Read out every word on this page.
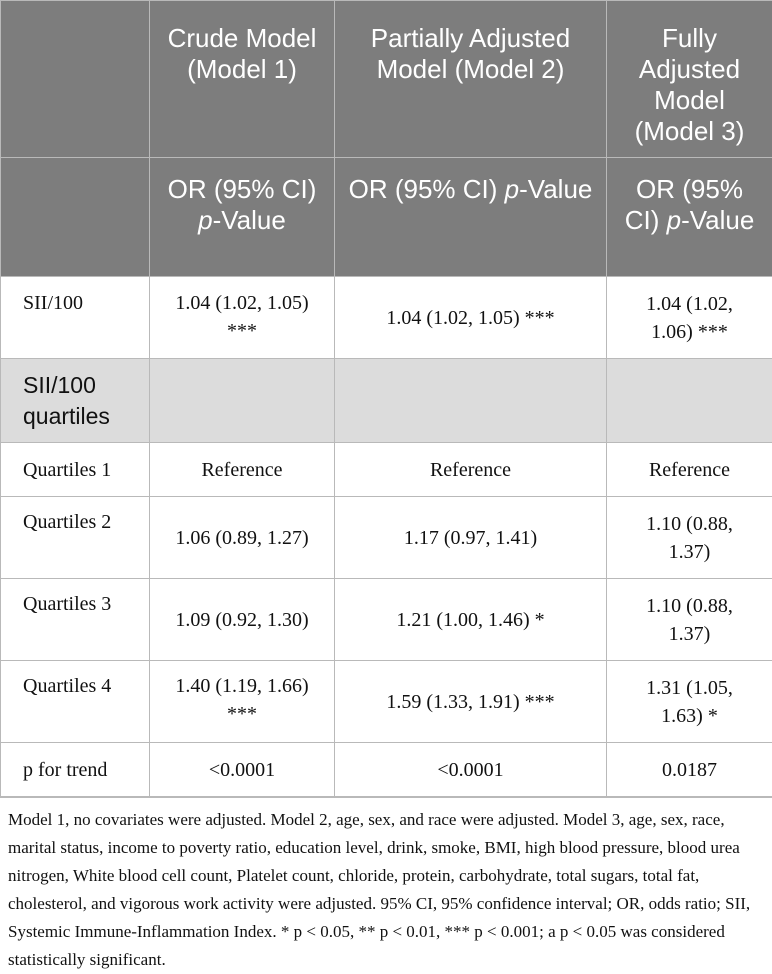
	Crude Model (Model 1)	Partially Adjusted Model (Model 2)	Fully Adjusted Model (Model 3)
	OR (95% CI) p-Value	OR (95% CI) p-Value	OR (95% CI) p-Value
SII/100	1.04 (1.02, 1.05) ***	1.04 (1.02, 1.05) ***	1.04 (1.02, 1.06) ***
SII/100 quartiles			
Quartiles 1	Reference	Reference	Reference
Quartiles 2	1.06 (0.89, 1.27)	1.17 (0.97, 1.41)	1.10 (0.88, 1.37)
Quartiles 3	1.09 (0.92, 1.30)	1.21 (1.00, 1.46) *	1.10 (0.88, 1.37)
Quartiles 4	1.40 (1.19, 1.66) ***	1.59 (1.33, 1.91) ***	1.31 (1.05, 1.63) *
p for trend	<0.0001	<0.0001	0.0187
Model 1, no covariates were adjusted. Model 2, age, sex, and race were adjusted. Model 3, age, sex, race, marital status, income to poverty ratio, education level, drink, smoke, BMI, high blood pressure, blood urea nitrogen, White blood cell count, Platelet count, chloride, protein, carbohydrate, total sugars, total fat, cholesterol, and vigorous work activity were adjusted. 95% CI, 95% confidence interval; OR, odds ratio; SII, Systemic Immune-Inflammation Index. * p < 0.05, ** p < 0.01, *** p < 0.001; a p < 0.05 was considered statistically significant.
